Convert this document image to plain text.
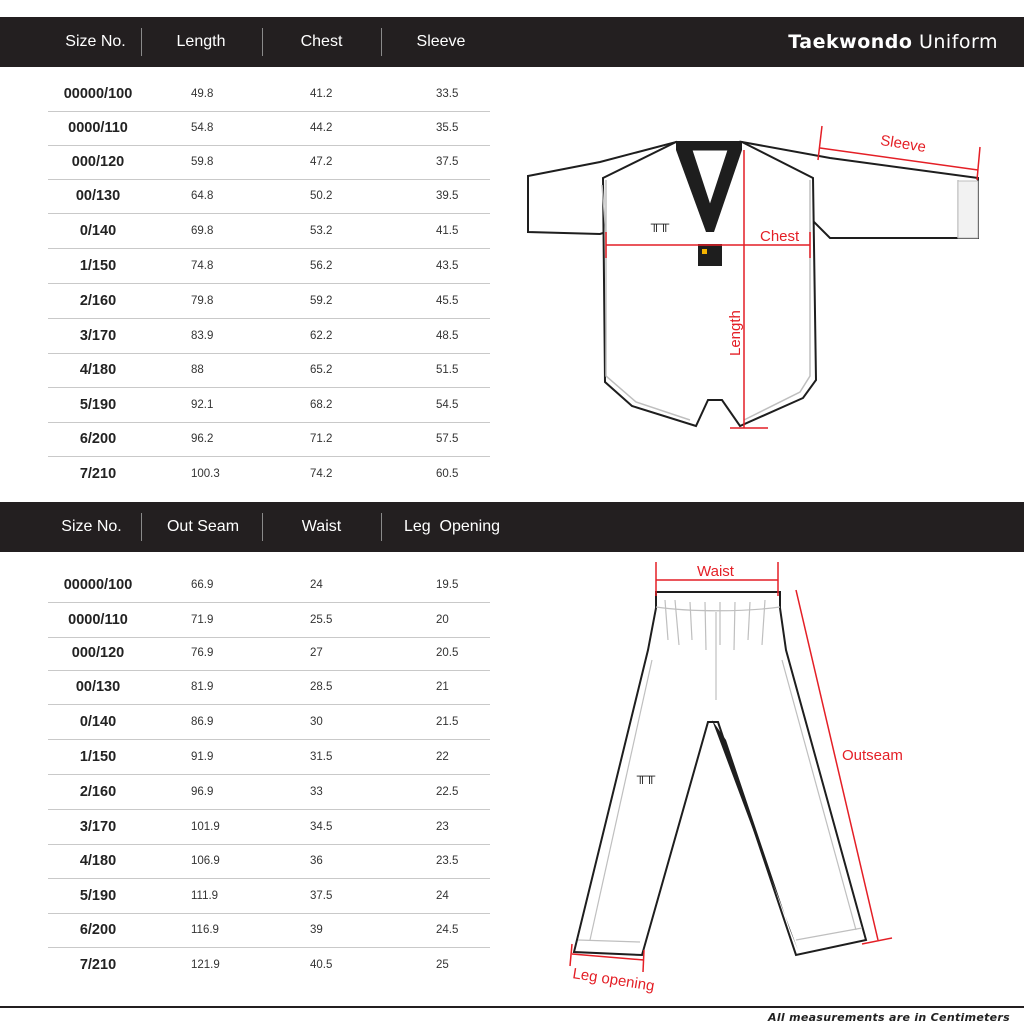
Size No.	Length	Chest	Sleeve	Taekwondo Uniform
00000/100	49.8	41.2	33.5
0000/110	54.8	44.2	35.5
000/120	59.8	47.2	37.5
00/130	64.8	50.2	39.5
0/140	69.8	53.2	41.5
1/150	74.8	56.2	43.5
2/160	79.8	59.2	45.5
3/170	83.9	62.2	48.5
4/180	88	65.2	51.5
5/190	92.1	68.2	54.5
6/200	96.2	71.2	57.5
7/210	100.3	74.2	60.5
Size No.	Out Seam	Waist	Leg  Opening
00000/100	66.9	24	19.5
0000/110	71.9	25.5	20
000/120	76.9	27	20.5
00/130	81.9	28.5	21
0/140	86.9	30	21.5
1/150	91.9	31.5	22
2/160	96.9	33	22.5
3/170	101.9	34.5	23
4/180	106.9	36	23.5
5/190	111.9	37.5	24
6/200	116.9	39	24.5
7/210	121.9	40.5	25
ᴵᴵ
╥╥
Sleeve
Chest
Length
╥╥
Waist
Outseam
Leg opening
All measurements are in Centimeters
